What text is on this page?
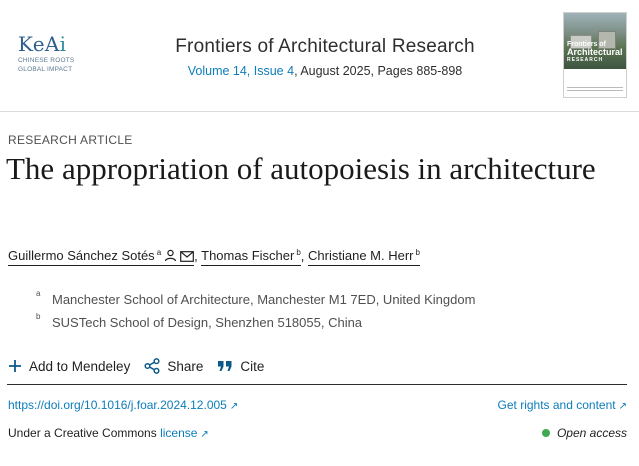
KeAi
CHINESE ROOTS
GLOBAL IMPACT
Frontiers of Architectural Research
Volume 14, Issue 4, August 2025, Pages 885-898
Frontiers of
Architectural
RESEARCH
RESEARCH ARTICLE
The appropriation of autopoiesis in architecture
Guillermo Sánchez Sotés $^a$	, Thomas Fischer $^b$, Christiane M. Herr $^b$
a Manchester School of Architecture, Manchester M1 7ED, United Kingdom
b SUSTech School of Design, Shenzhen 518055, China
Add to Mendeley	Share	Cite
https://doi.org/10.1016/j.foar.2024.12.005 ↗	Get rights and content ↗
Under a Creative Commons license ↗	Open access
